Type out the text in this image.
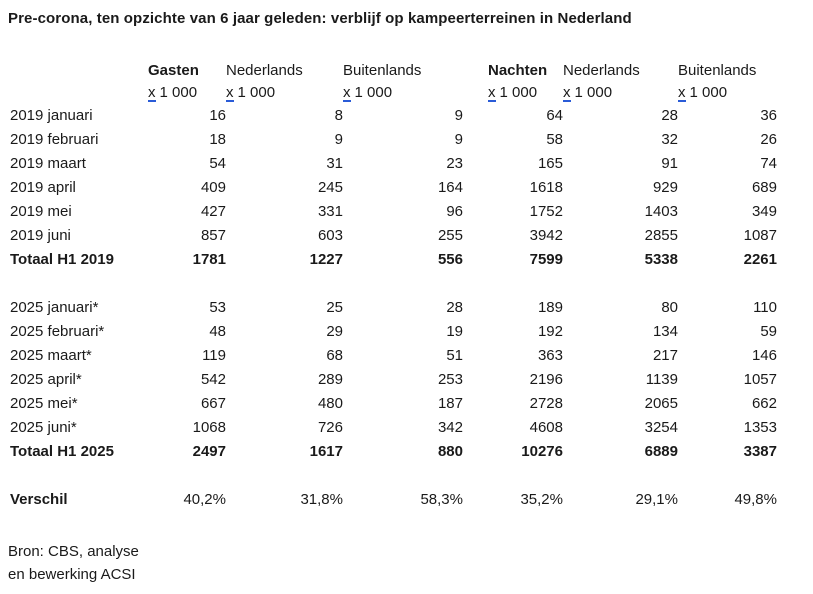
Pre-corona, ten opzichte van 6 jaar geleden: verblijf op kampeerterreinen in Nederland
	Gasten	Nederlands	Buitenlands	Nachten	Nederlands	Buitenlands
	x 1 000	x 1 000	x 1 000	x 1 000	x 1 000	x 1 000
2019 januari	16	8	9	64	28	36
2019 februari	18	9	9	58	32	26
2019 maart	54	31	23	165	91	74
2019 april	409	245	164	1618	929	689
2019 mei	427	331	96	1752	1403	349
2019 juni	857	603	255	3942	2855	1087
Totaal H1 2019	1781	1227	556	7599	5338	2261

2025 januari*	53	25	28	189	80	110
2025 februari*	48	29	19	192	134	59
2025 maart*	119	68	51	363	217	146
2025 april*	542	289	253	2196	1139	1057
2025 mei*	667	480	187	2728	2065	662
2025 juni*	1068	726	342	4608	3254	1353
Totaal H1 2025	2497	1617	880	10276	6889	3387

Verschil	40,2%	31,8%	58,3%	35,2%	29,1%	49,8%
Bron: CBS, analyse
en bewerking ACSI
